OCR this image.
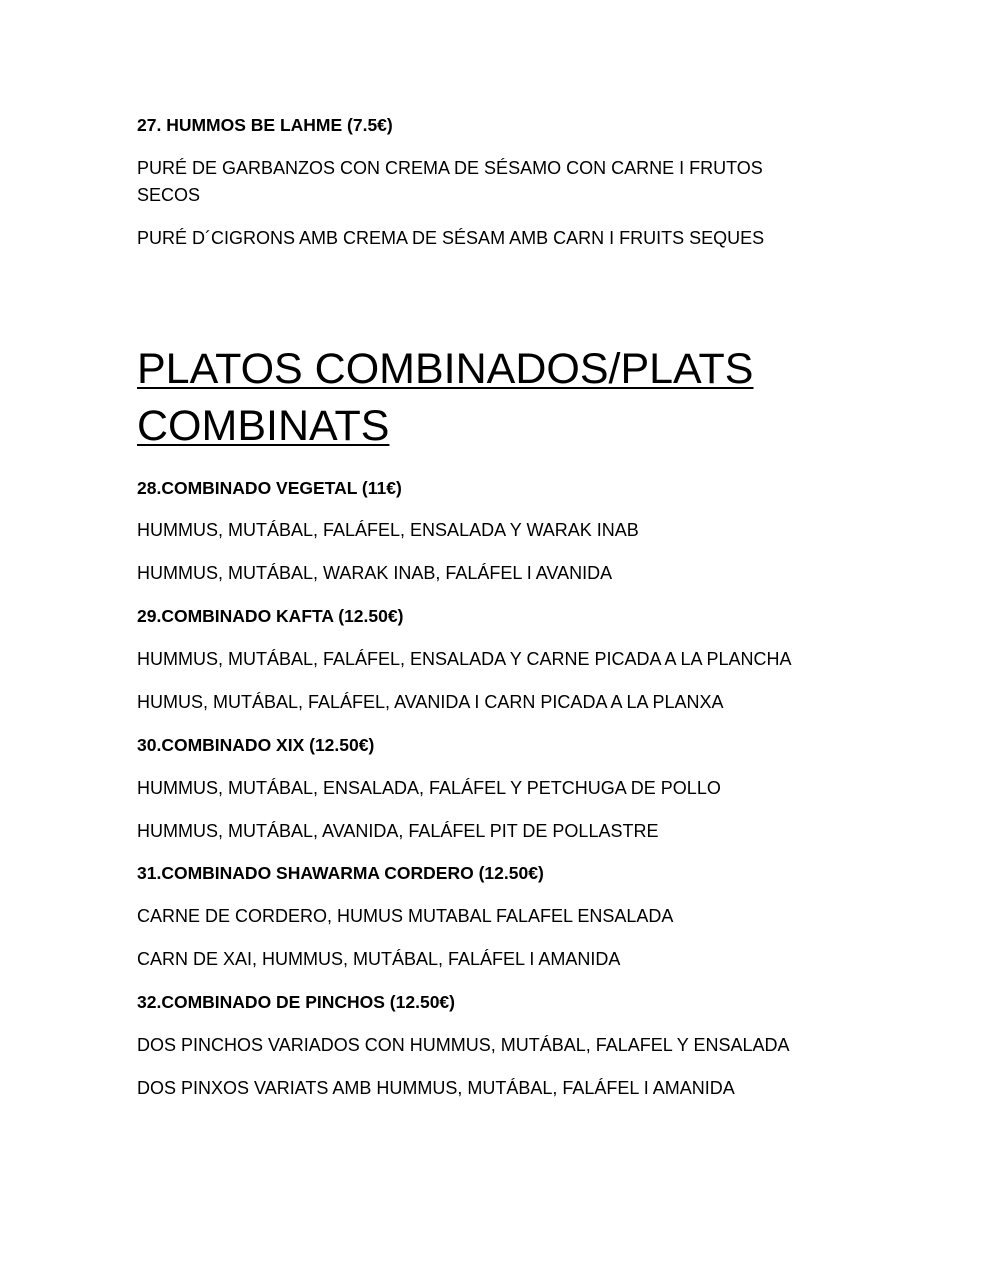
27. HUMMOS BE LAHME (7.5€)
PURÉ DE GARBANZOS CON CREMA DE SÉSAMO CON CARNE I FRUTOS
SECOS
PURÉ D´CIGRONS AMB CREMA DE SÉSAM AMB CARN I FRUITS SEQUES
PLATOS COMBINADOS/PLATS
COMBINATS
28.COMBINADO VEGETAL (11€)
HUMMUS, MUTÁBAL, FALÁFEL, ENSALADA Y WARAK INAB
HUMMUS, MUTÁBAL, WARAK INAB, FALÁFEL I AVANIDA
29.COMBINADO KAFTA (12.50€)
HUMMUS, MUTÁBAL, FALÁFEL, ENSALADA Y CARNE PICADA A LA PLANCHA
HUMUS, MUTÁBAL, FALÁFEL, AVANIDA I CARN PICADA A LA PLANXA
30.COMBINADO XIX (12.50€)
HUMMUS, MUTÁBAL, ENSALADA, FALÁFEL Y PETCHUGA DE POLLO
HUMMUS, MUTÁBAL, AVANIDA, FALÁFEL PIT DE POLLASTRE
31.COMBINADO SHAWARMA CORDERO (12.50€)
CARNE DE CORDERO, HUMUS MUTABAL FALAFEL ENSALADA
CARN DE XAI, HUMMUS, MUTÁBAL, FALÁFEL I AMANIDA
32.COMBINADO DE PINCHOS (12.50€)
DOS PINCHOS VARIADOS CON HUMMUS, MUTÁBAL, FALAFEL Y ENSALADA
DOS PINXOS VARIATS AMB HUMMUS, MUTÁBAL, FALÁFEL I AMANIDA
